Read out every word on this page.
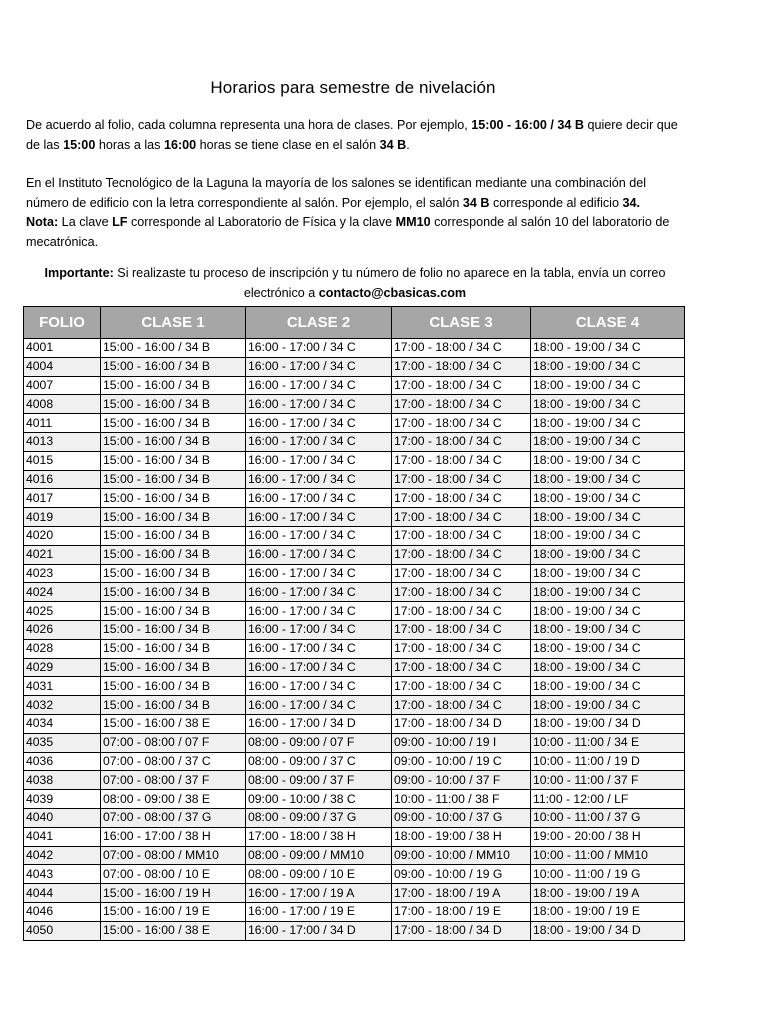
Horarios para semestre de nivelación
De acuerdo al folio, cada columna representa una hora de clases. Por ejemplo, 15:00 - 16:00 / 34 B quiere decir que de las 15:00 horas a las 16:00 horas se tiene clase en el salón 34 B.
En el Instituto Tecnológico de la Laguna la mayoría de los salones se identifican mediante una combinación del número de edificio con la letra correspondiente al salón. Por ejemplo, el salón 34 B corresponde al edificio 34.
Nota: La clave LF corresponde al Laboratorio de Física y la clave MM10 corresponde al salón 10 del laboratorio de mecatrónica.
Importante: Si realizaste tu proceso de inscripción y tu número de folio no aparece en la tabla, envía un correo electrónico a contacto@cbasicas.com
FOLIO	CLASE 1	CLASE 2	CLASE 3	CLASE 4
4001	15:00 - 16:00 / 34 B	16:00 - 17:00 / 34 C	17:00 - 18:00 / 34 C	18:00 - 19:00 / 34 C
4004	15:00 - 16:00 / 34 B	16:00 - 17:00 / 34 C	17:00 - 18:00 / 34 C	18:00 - 19:00 / 34 C
4007	15:00 - 16:00 / 34 B	16:00 - 17:00 / 34 C	17:00 - 18:00 / 34 C	18:00 - 19:00 / 34 C
4008	15:00 - 16:00 / 34 B	16:00 - 17:00 / 34 C	17:00 - 18:00 / 34 C	18:00 - 19:00 / 34 C
4011	15:00 - 16:00 / 34 B	16:00 - 17:00 / 34 C	17:00 - 18:00 / 34 C	18:00 - 19:00 / 34 C
4013	15:00 - 16:00 / 34 B	16:00 - 17:00 / 34 C	17:00 - 18:00 / 34 C	18:00 - 19:00 / 34 C
4015	15:00 - 16:00 / 34 B	16:00 - 17:00 / 34 C	17:00 - 18:00 / 34 C	18:00 - 19:00 / 34 C
4016	15:00 - 16:00 / 34 B	16:00 - 17:00 / 34 C	17:00 - 18:00 / 34 C	18:00 - 19:00 / 34 C
4017	15:00 - 16:00 / 34 B	16:00 - 17:00 / 34 C	17:00 - 18:00 / 34 C	18:00 - 19:00 / 34 C
4019	15:00 - 16:00 / 34 B	16:00 - 17:00 / 34 C	17:00 - 18:00 / 34 C	18:00 - 19:00 / 34 C
4020	15:00 - 16:00 / 34 B	16:00 - 17:00 / 34 C	17:00 - 18:00 / 34 C	18:00 - 19:00 / 34 C
4021	15:00 - 16:00 / 34 B	16:00 - 17:00 / 34 C	17:00 - 18:00 / 34 C	18:00 - 19:00 / 34 C
4023	15:00 - 16:00 / 34 B	16:00 - 17:00 / 34 C	17:00 - 18:00 / 34 C	18:00 - 19:00 / 34 C
4024	15:00 - 16:00 / 34 B	16:00 - 17:00 / 34 C	17:00 - 18:00 / 34 C	18:00 - 19:00 / 34 C
4025	15:00 - 16:00 / 34 B	16:00 - 17:00 / 34 C	17:00 - 18:00 / 34 C	18:00 - 19:00 / 34 C
4026	15:00 - 16:00 / 34 B	16:00 - 17:00 / 34 C	17:00 - 18:00 / 34 C	18:00 - 19:00 / 34 C
4028	15:00 - 16:00 / 34 B	16:00 - 17:00 / 34 C	17:00 - 18:00 / 34 C	18:00 - 19:00 / 34 C
4029	15:00 - 16:00 / 34 B	16:00 - 17:00 / 34 C	17:00 - 18:00 / 34 C	18:00 - 19:00 / 34 C
4031	15:00 - 16:00 / 34 B	16:00 - 17:00 / 34 C	17:00 - 18:00 / 34 C	18:00 - 19:00 / 34 C
4032	15:00 - 16:00 / 34 B	16:00 - 17:00 / 34 C	17:00 - 18:00 / 34 C	18:00 - 19:00 / 34 C
4034	15:00 - 16:00 / 38 E	16:00 - 17:00 / 34 D	17:00 - 18:00 / 34 D	18:00 - 19:00 / 34 D
4035	07:00 - 08:00 / 07 F	08:00 - 09:00 / 07 F	09:00 - 10:00 / 19 I	10:00 - 11:00 / 34 E
4036	07:00 - 08:00 / 37 C	08:00 - 09:00 / 37 C	09:00 - 10:00 / 19 C	10:00 - 11:00 / 19 D
4038	07:00 - 08:00 / 37 F	08:00 - 09:00 / 37 F	09:00 - 10:00 / 37 F	10:00 - 11:00 / 37 F
4039	08:00 - 09:00 / 38 E	09:00 - 10:00 / 38 C	10:00 - 11:00 / 38 F	11:00 - 12:00 / LF
4040	07:00 - 08:00 / 37 G	08:00 - 09:00 / 37 G	09:00 - 10:00 / 37 G	10:00 - 11:00 / 37 G
4041	16:00 - 17:00 / 38 H	17:00 - 18:00 / 38 H	18:00 - 19:00 / 38 H	19:00 - 20:00 / 38 H
4042	07:00 - 08:00 / MM10	08:00 - 09:00 / MM10	09:00 - 10:00 / MM10	10:00 - 11:00 / MM10
4043	07:00 - 08:00 / 10 E	08:00 - 09:00 / 10 E	09:00 - 10:00 / 19 G	10:00 - 11:00 / 19 G
4044	15:00 - 16:00 / 19 H	16:00 - 17:00 / 19 A	17:00 - 18:00 / 19 A	18:00 - 19:00 / 19 A
4046	15:00 - 16:00 / 19 E	16:00 - 17:00 / 19 E	17:00 - 18:00 / 19 E	18:00 - 19:00 / 19 E
4050	15:00 - 16:00 / 38 E	16:00 - 17:00 / 34 D	17:00 - 18:00 / 34 D	18:00 - 19:00 / 34 D
